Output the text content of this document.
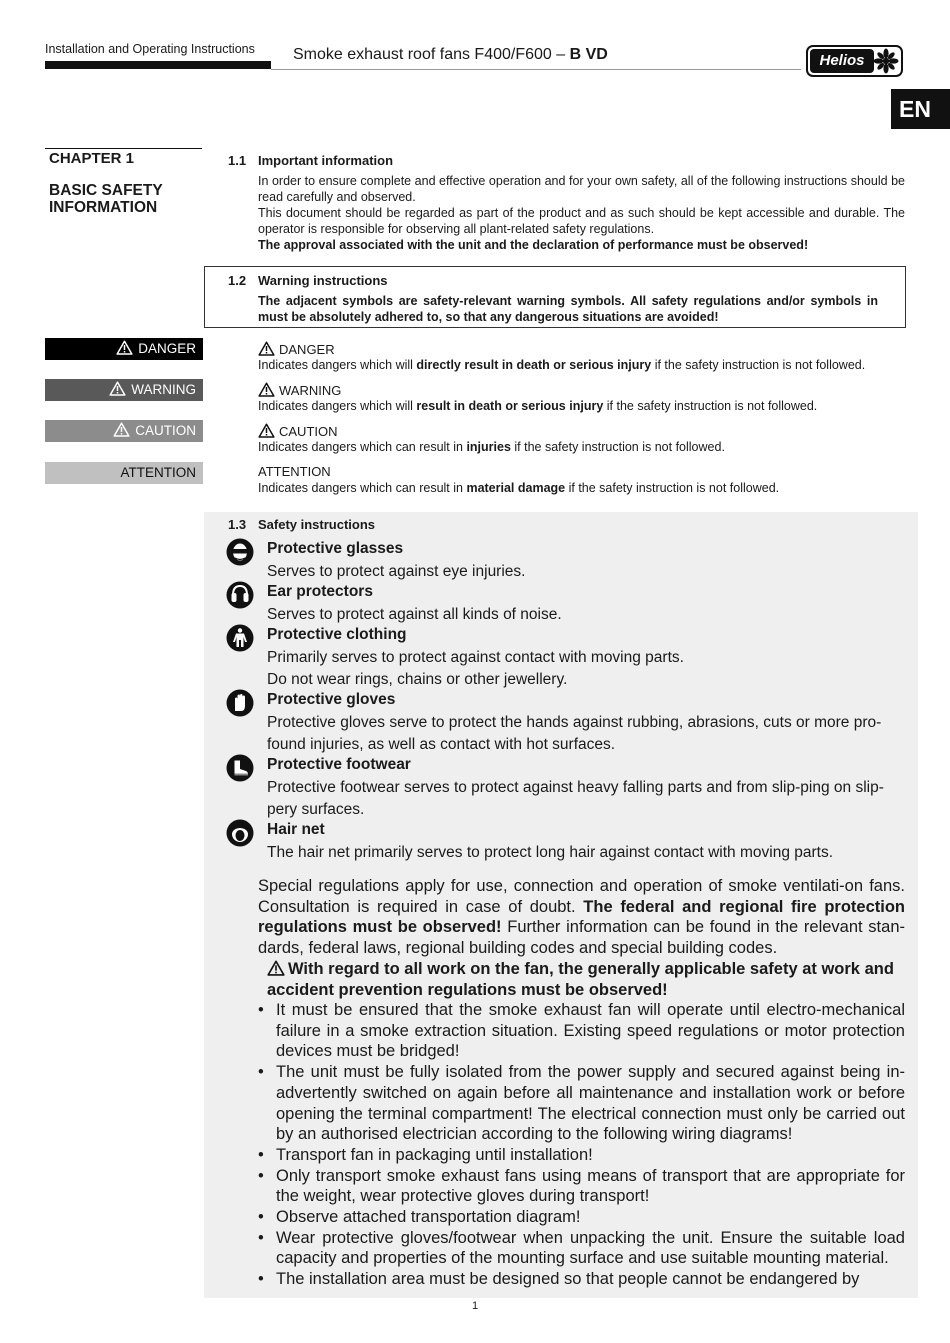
Installation and Operating Instructions Smoke exhaust roof fans F400/F600 – B VD	Helios
EN
CHAPTER 1
BASIC SAFETY INFORMATION
1.1 Important information
In order to ensure complete and effective operation and for your own safety, all of the following instructions should be read carefully and observed.
This document should be regarded as part of the product and as such should be kept accessible and durable. The operator is responsible for observing all plant-related safety regulations.
The approval associated with the unit and the declaration of performance must be observed!
1.2 Warning instructions
The adjacent symbols are safety-relevant warning symbols. All safety regulations and/or symbols in must be absolutely adhered to, so that any dangerous situations are avoided!
DANGER
WARNING
CAUTION
ATTENTION
DANGER
Indicates dangers which will directly result in death or serious injury if the safety instruction is not followed.
WARNING
Indicates dangers which will result in death or serious injury if the safety instruction is not followed.
CAUTION
Indicates dangers which can result in injuries if the safety instruction is not followed.
ATTENTION
Indicates dangers which can result in material damage if the safety instruction is not followed.
1.3 Safety instructions
Protective glasses
Serves to protect against eye injuries.
Ear protectors
Serves to protect against all kinds of noise.
Protective clothing
Primarily serves to protect against contact with moving parts.
Do not wear rings, chains or other jewellery.
Protective gloves
Protective gloves serve to protect the hands against rubbing, abrasions, cuts or more pro-found injuries, as well as contact with hot surfaces.
Protective footwear
Protective footwear serves to protect against heavy falling parts and from slip-ping on slip-pery surfaces.
Hair net
The hair net primarily serves to protect long hair against contact with moving parts.
Special regulations apply for use, connection and operation of smoke ventilati-on fans. Consultation is required in case of doubt. The federal and regional fire protection regulations must be observed! Further information can be found in the relevant stan-dards, federal laws, regional building codes and special building codes.
With regard to all work on the fan, the generally applicable safety at work and accident prevention regulations must be observed!
• It must be ensured that the smoke exhaust fan will operate until electro-mechanical failure in a smoke extraction situation. Existing speed regulations or motor protection devices must be bridged!
• The unit must be fully isolated from the power supply and secured against being in-advertently switched on again before all maintenance and installation work or before opening the terminal compartment! The electrical connection must only be carried out by an authorised electrician according to the following wiring diagrams!
• Transport fan in packaging until installation!
• Only transport smoke exhaust fans using means of transport that are appropriate for the weight, wear protective gloves during transport!
• Observe attached transportation diagram!
• Wear protective gloves/footwear when unpacking the unit. Ensure the suitable load capacity and properties of the mounting surface and use suitable mounting material.
• The installation area must be designed so that people cannot be endangered by
1
